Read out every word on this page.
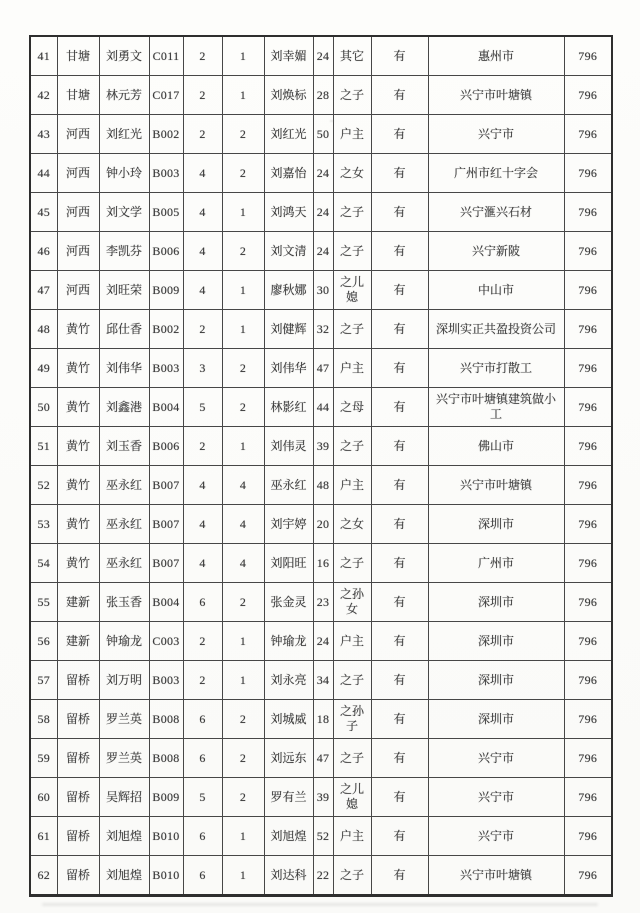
41	甘塘	刘勇文	C011	2	1	刘幸媚	24	其它	有	惠州市	796
42	甘塘	林元芳	C017	2	1	刘焕标	28	之子	有	兴宁市叶塘镇	796
43	河西	刘红光	B002	2	2	刘红光	50	户主	有	兴宁市	796
44	河西	钟小玲	B003	4	2	刘嘉怡	24	之女	有	广州市红十字会	796
45	河西	刘文学	B005	4	1	刘鸿天	24	之子	有	兴宁滙兴石材	796
46	河西	李凯芬	B006	4	2	刘文清	24	之子	有	兴宁新陂	796
47	河西	刘旺荣	B009	4	1	廖秋娜	30	之儿媳	有	中山市	796
48	黄竹	邱仕香	B002	2	1	刘健辉	32	之子	有	深圳实正共盈投资公司	796
49	黄竹	刘伟华	B003	3	2	刘伟华	47	户主	有	兴宁市打散工	796
50	黄竹	刘鑫港	B004	5	2	林影红	44	之母	有	兴宁市叶塘镇建筑做小工	796
51	黄竹	刘玉香	B006	2	1	刘伟灵	39	之子	有	佛山市	796
52	黄竹	巫永红	B007	4	4	巫永红	48	户主	有	兴宁市叶塘镇	796
53	黄竹	巫永红	B007	4	4	刘宇婷	20	之女	有	深圳市	796
54	黄竹	巫永红	B007	4	4	刘阳旺	16	之子	有	广州市	796
55	建新	张玉香	B004	6	2	张金灵	23	之孙女	有	深圳市	796
56	建新	钟瑜龙	C003	2	1	钟瑜龙	24	户主	有	深圳市	796
57	留桥	刘万明	B003	2	1	刘永亮	34	之子	有	深圳市	796
58	留桥	罗兰英	B008	6	2	刘城威	18	之孙子	有	深圳市	796
59	留桥	罗兰英	B008	6	2	刘远东	47	之子	有	兴宁市	796
60	留桥	吴辉招	B009	5	2	罗有兰	39	之儿媳	有	兴宁市	796
61	留桥	刘旭煌	B010	6	1	刘旭煌	52	户主	有	兴宁市	796
62	留桥	刘旭煌	B010	6	1	刘达科	22	之子	有	兴宁市叶塘镇	796
